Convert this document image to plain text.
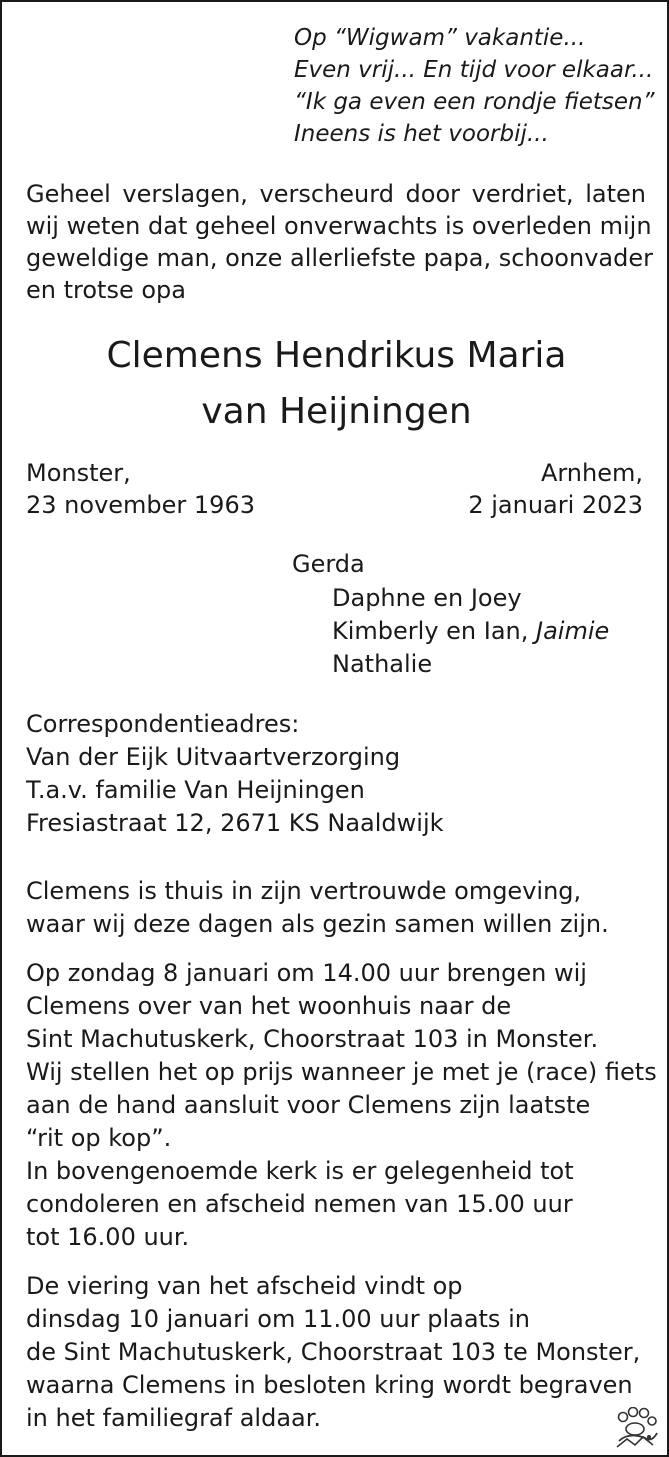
Op “Wigwam” vakantie...
Even vrij... En tijd voor elkaar...
“Ik ga even een rondje fietsen”
Ineens is het voorbij...
Geheel verslagen, verscheurd door verdriet, laten
wij weten dat geheel onverwachts is overleden mijn
geweldige man, onze allerliefste papa, schoonvader
en trotse opa
Clemens Hendrikus Maria
van Heijningen
Monster,
23 november 1963
Arnhem,
2 januari 2023
Gerda
Daphne en Joey
Kimberly en Ian, Jaimie
Nathalie
Correspondentieadres:
Van der Eijk Uitvaartverzorging
T.a.v. familie Van Heijningen
Fresiastraat 12, 2671 KS Naaldwijk
Clemens is thuis in zijn vertrouwde omgeving,
waar wij deze dagen als gezin samen willen zijn.
Op zondag 8 januari om 14.00 uur brengen wij
Clemens over van het woonhuis naar de
Sint Machutuskerk, Choorstraat 103 in Monster.
Wij stellen het op prijs wanneer je met je (race) fiets
aan de hand aansluit voor Clemens zijn laatste
“rit op kop”.
In bovengenoemde kerk is er gelegenheid tot
condoleren en afscheid nemen van 15.00 uur
tot 16.00 uur.
De viering van het afscheid vindt op
dinsdag 10 januari om 11.00 uur plaats in
de Sint Machutuskerk, Choorstraat 103 te Monster,
waarna Clemens in besloten kring wordt begraven
in het familiegraf aldaar.
